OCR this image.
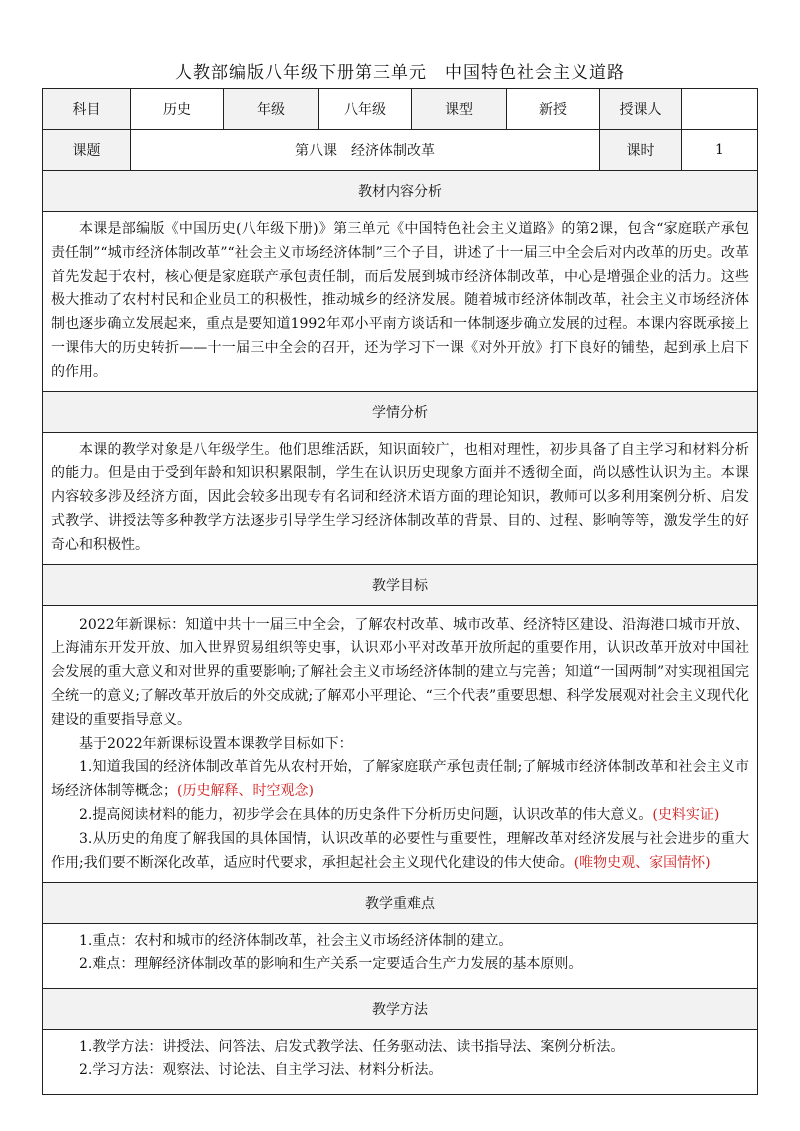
人教部编版八年级下册第三单元　中国特色社会主义道路
科目	历史	年级	八年级	课型	新授	授课人	
课题	第八课　经济体制改革					课时	1
教材内容分析							

本课是部编版《中国历史(八年级下册)》第三单元《中国特色社会主义道路》的第2课，包含“家庭联产承包责任制”“城市经济体制改革”“社会主义市场经济体制”三个子目，讲述了十一届三中全会后对内改革的历史。改革首先发起于农村，核心便是家庭联产承包责任制，而后发展到城市经济体制改革，中心是增强企业的活力。这些极大推动了农村村民和企业员工的积极性，推动城乡的经济发展。随着城市经济体制改革，社会主义市场经济体制也逐步确立发展起来，重点是要知道1992年邓小平南方谈话和一体制逐步确立发展的过程。本课内容既承接上一课伟大的历史转折——十一届三中全会的召开，还为学习下一课《对外开放》打下良好的铺垫，起到承上启下的作用。							

学情分析							

本课的教学对象是八年级学生。他们思维活跃，知识面较广，也相对理性，初步具备了自主学习和材料分析的能力。但是由于受到年龄和知识积累限制，学生在认识历史现象方面并不透彻全面，尚以感性认识为主。本课内容较多涉及经济方面，因此会较多出现专有名词和经济术语方面的理论知识，教师可以多利用案例分析、启发式教学、讲授法等多种教学方法逐步引导学生学习经济体制改革的背景、目的、过程、影响等等，激发学生的好奇心和积极性。							

教学目标							

2022年新课标：知道中共十一届三中全会，了解农村改革、城市改革、经济特区建设、沿海港口城市开放、上海浦东开发开放、加入世界贸易组织等史事，认识邓小平对改革开放所起的重要作用，认识改革开放对中国社会发展的重大意义和对世界的重要影响;了解社会主义市场经济体制的建立与完善；知道“一国两制”对实现祖国完全统一的意义;了解改革开放后的外交成就;了解邓小平理论、“三个代表”重要思想、科学发展观对社会主义现代化建设的重要指导意义。

基于2022年新课标设置本课教学目标如下：

1.知道我国的经济体制改革首先从农村开始，了解家庭联产承包责任制;了解城市经济体制改革和社会主义市场经济体制等概念；(历史解释、时空观念)

2.提高阅读材料的能力，初步学会在具体的历史条件下分析历史问题，认识改革的伟大意义。(史料实证)

3.从历史的角度了解我国的具体国情，认识改革的必要性与重要性，理解改革对经济发展与社会进步的重大作用;我们要不断深化改革，适应时代要求，承担起社会主义现代化建设的伟大使命。(唯物史观、家国情怀)							

教学重难点							

1.重点：农村和城市的经济体制改革，社会主义市场经济体制的建立。

2.难点：理解经济体制改革的影响和生产关系一定要适合生产力发展的基本原则。							

教学方法							

1.教学方法：讲授法、问答法、启发式教学法、任务驱动法、读书指导法、案例分析法。

2.学习方法：观察法、讨论法、自主学习法、材料分析法。							
